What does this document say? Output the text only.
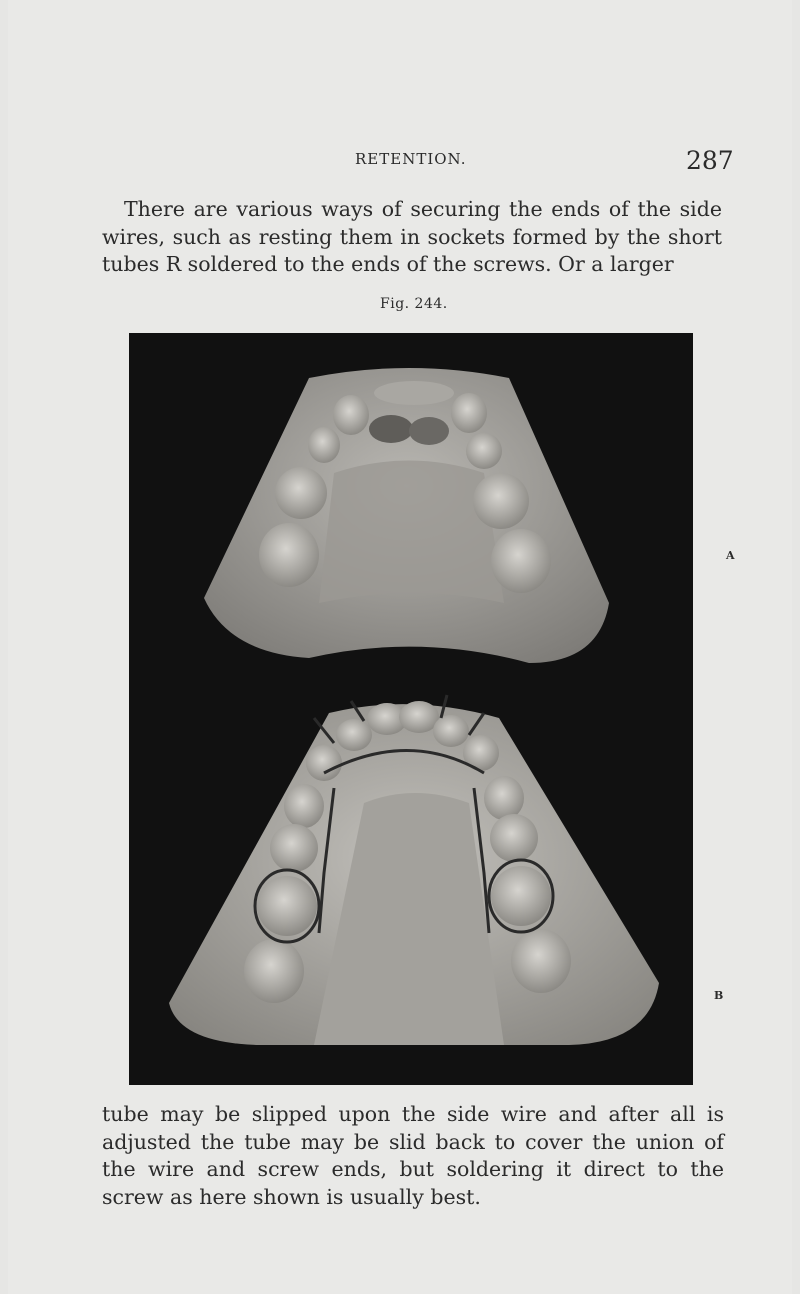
RETENTION.	287

There are various ways of securing the ends of the side wires, such as resting them in sockets formed by the short tubes R soldered to the ends of the screws. Or a larger

Fig. 244.
A
B

tube may be slipped upon the side wire and after all is adjusted the tube may be slid back to cover the union of the wire and screw ends, but soldering it direct to the screw as here shown is usually best.
